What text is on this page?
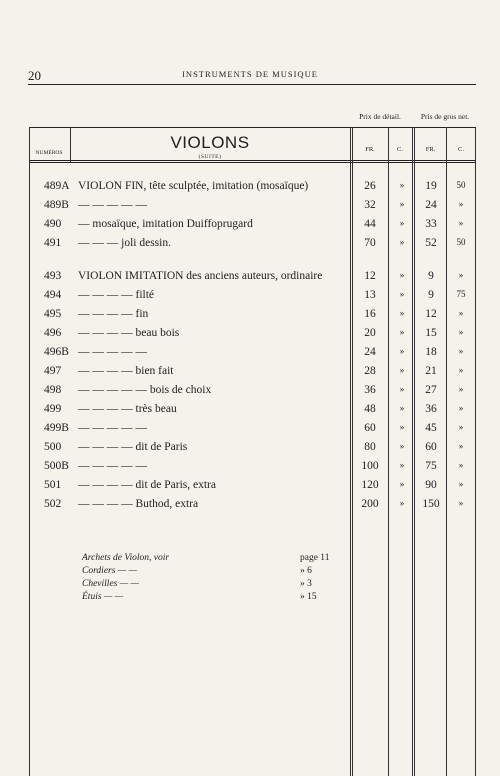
20	INSTRUMENTS DE MUSIQUE
Prix de détail.	Pris de gros net.
NUMÉROS
VIOLONS
(SUITE)
FR.	C.	FR.	C.
489A VIOLON FIN, tête sculptée, imitation (mosaïque)	26	»	19	50
489B — — — — —	32	»	24	»
490 — mosaïque, imitation Duiffoprugard	44	»	33	»
491 — — — joli dessin.	70	»	52	50
493 VIOLON IMITATION des anciens auteurs, ordinaire	12	»	9	»
494 — — — — filté	13	»	9	75
495 — — — — fin	16	»	12	»
496 — — — — beau bois	20	»	15	»
496B — — — — —	24	»	18	»
497 — — — — bien fait	28	»	21	»
498 — — — — — bois de choix	36	»	27	»
499 — — — — très beau	48	»	36	»
499B — — — — —	60	»	45	»
500 — — — — dit de Paris	80	»	60	»
500B — — — — —	100	»	75	»
501 — — — — dit de Paris, extra	120	»	90	»
502 — — — — Buthod, extra	200	»	150	»
Archets de Violon, voir	page 11
Cordiers — —	» 6
Chevilles — —	» 3
Étuis — —	» 15
